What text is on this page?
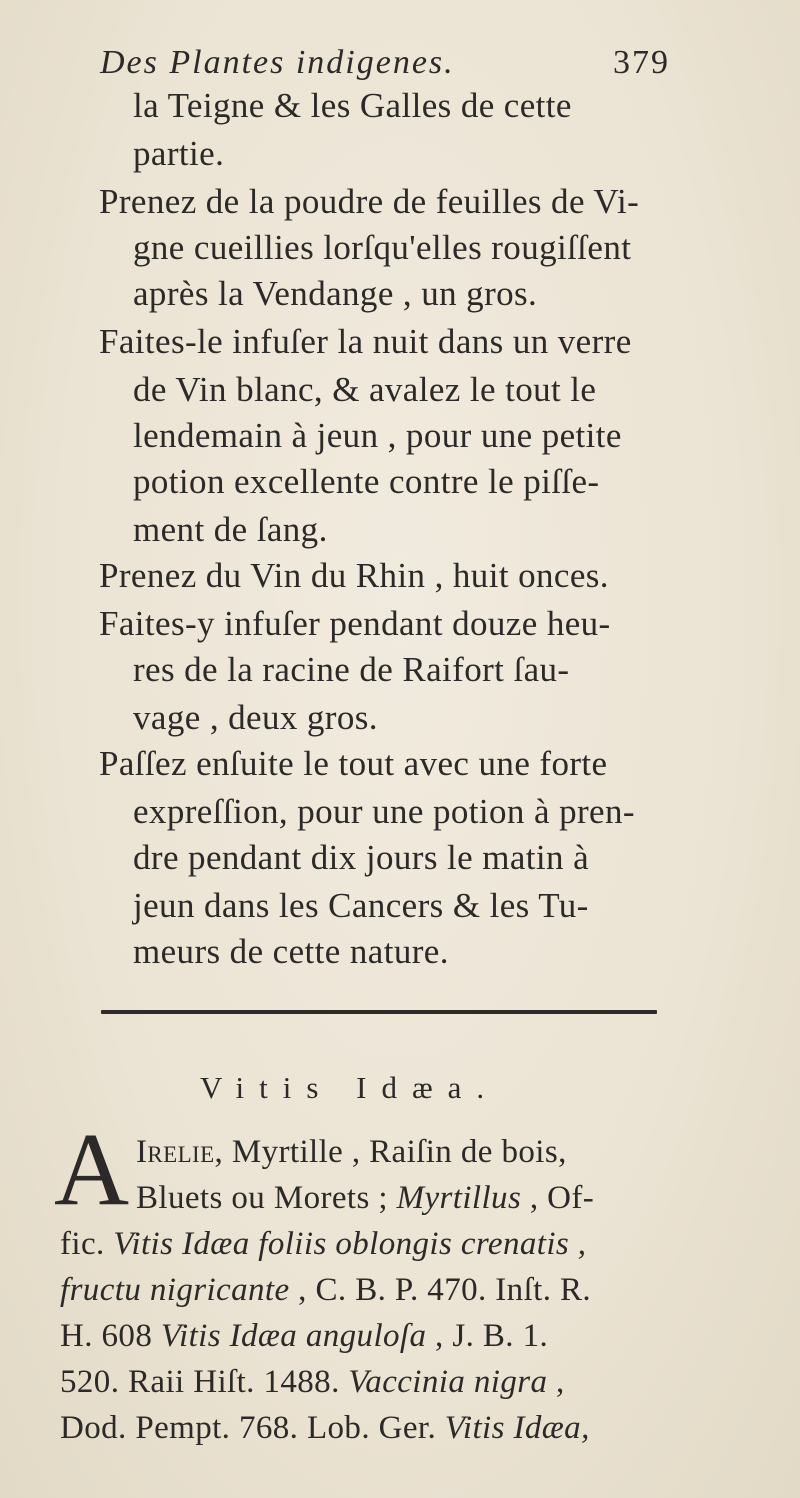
Des Plantes indigenes.	379
la Teigne & les Galles de cette
partie.
Prenez de la poudre de feuilles de Vi-
gne cueillies lorſqu'elles rougiſſent
après la Vendange , un gros.
Faites-le infuſer la nuit dans un verre
de Vin blanc, & avalez le tout le
lendemain à jeun , pour une petite
potion excellente contre le piſſe-
ment de ſang.
Prenez du Vin du Rhin , huit onces.
Faites-y infuſer pendant douze heu-
res de la racine de Raifort ſau-
vage , deux gros.
Paſſez enſuite le tout avec une forte
expreſſion, pour une potion à pren-
dre pendant dix jours le matin à
jeun dans les Cancers & les Tu-
meurs de cette nature.
Vitis Idæa.
A Irelie, Myrtille , Raiſin de bois,
Bluets ou Morets ; Myrtillus , Of-
fic. Vitis Idæa foliis oblongis crenatis ,
fructu nigricante , C. B. P. 470. Inſt. R.
H. 608 Vitis Idæa anguloſa , J. B. 1.
520. Raii Hiſt. 1488. Vaccinia nigra ,
Dod. Pempt. 768. Lob. Ger. Vitis Idæa,
